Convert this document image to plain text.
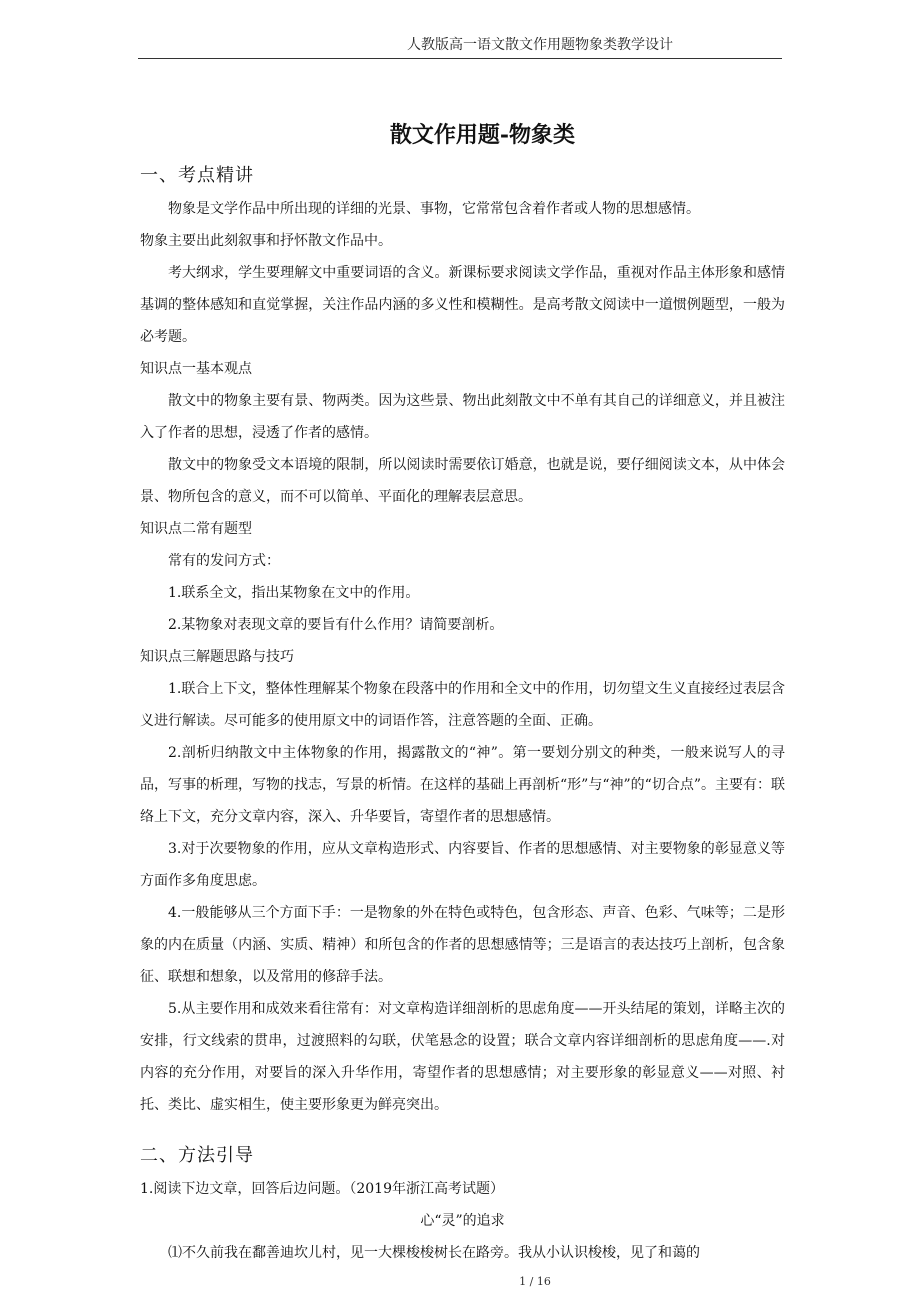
人教版高一语文散文作用题物象类教学设计
散文作用题-物象类
一、考点精讲

物象是文学作品中所出现的详细的光景、事物，它常常包含着作者或人物的思想感情。

物象主要出此刻叙事和抒怀散文作品中。

考大纲求，学生要理解文中重要词语的含义。新课标要求阅读文学作品，重视对作品主体形象和感情基调的整体感知和直觉掌握，关注作品内涵的多义性和模糊性。是高考散文阅读中一道惯例题型，一般为必考题。

知识点一基本观点

散文中的物象主要有景、物两类。因为这些景、物出此刻散文中不单有其自己的详细意义，并且被注入了作者的思想，浸透了作者的感情。

散文中的物象受文本语境的限制，所以阅读时需要依订婚意，也就是说，要仔细阅读文本，从中体会景、物所包含的意义，而不可以简单、平面化的理解表层意思。

知识点二常有题型

常有的发问方式：

1.联系全文，指出某物象在文中的作用。

2.某物象对表现文章的要旨有什么作用？请简要剖析。

知识点三解题思路与技巧

1.联合上下文，整体性理解某个物象在段落中的作用和全文中的作用，切勿望文生义直接经过表层含义进行解读。尽可能多的使用原文中的词语作答，注意答题的全面、正确。

2.剖析归纳散文中主体物象的作用，揭露散文的“神”。第一要划分别文的种类，一般来说写人的寻品，写事的析理，写物的找志，写景的析情。在这样的基础上再剖析“形”与“神”的“切合点”。主要有：联络上下文，充分文章内容，深入、升华要旨，寄望作者的思想感情。

3.对于次要物象的作用，应从文章构造形式、内容要旨、作者的思想感情、对主要物象的彰显意义等方面作多角度思虑。

4.一般能够从三个方面下手：一是物象的外在特色或特色，包含形态、声音、色彩、气味等；二是形象的内在质量（内涵、实质、精神）和所包含的作者的思想感情等；三是语言的表达技巧上剖析，包含象征、联想和想象，以及常用的修辞手法。

5.从主要作用和成效来看往常有：对文章构造详细剖析的思虑角度——开头结尾的策划，详略主次的安排，行文线索的贯串，过渡照料的勾联，伏笔悬念的设置；联合文章内容详细剖析的思虑角度——.对内容的充分作用，对要旨的深入升华作用，寄望作者的思想感情；对主要形象的彰显意义——对照、衬托、类比、虚实相生，使主要形象更为鲜亮突出。

二、方法引导

1.阅读下边文章，回答后边问题。（2019年浙江高考试题）

心“灵”的追求

⑴不久前我在鄱善迪坎儿村，见一大棵梭梭树长在路旁。我从小认识梭梭，见了和蔼的

1 / 16
